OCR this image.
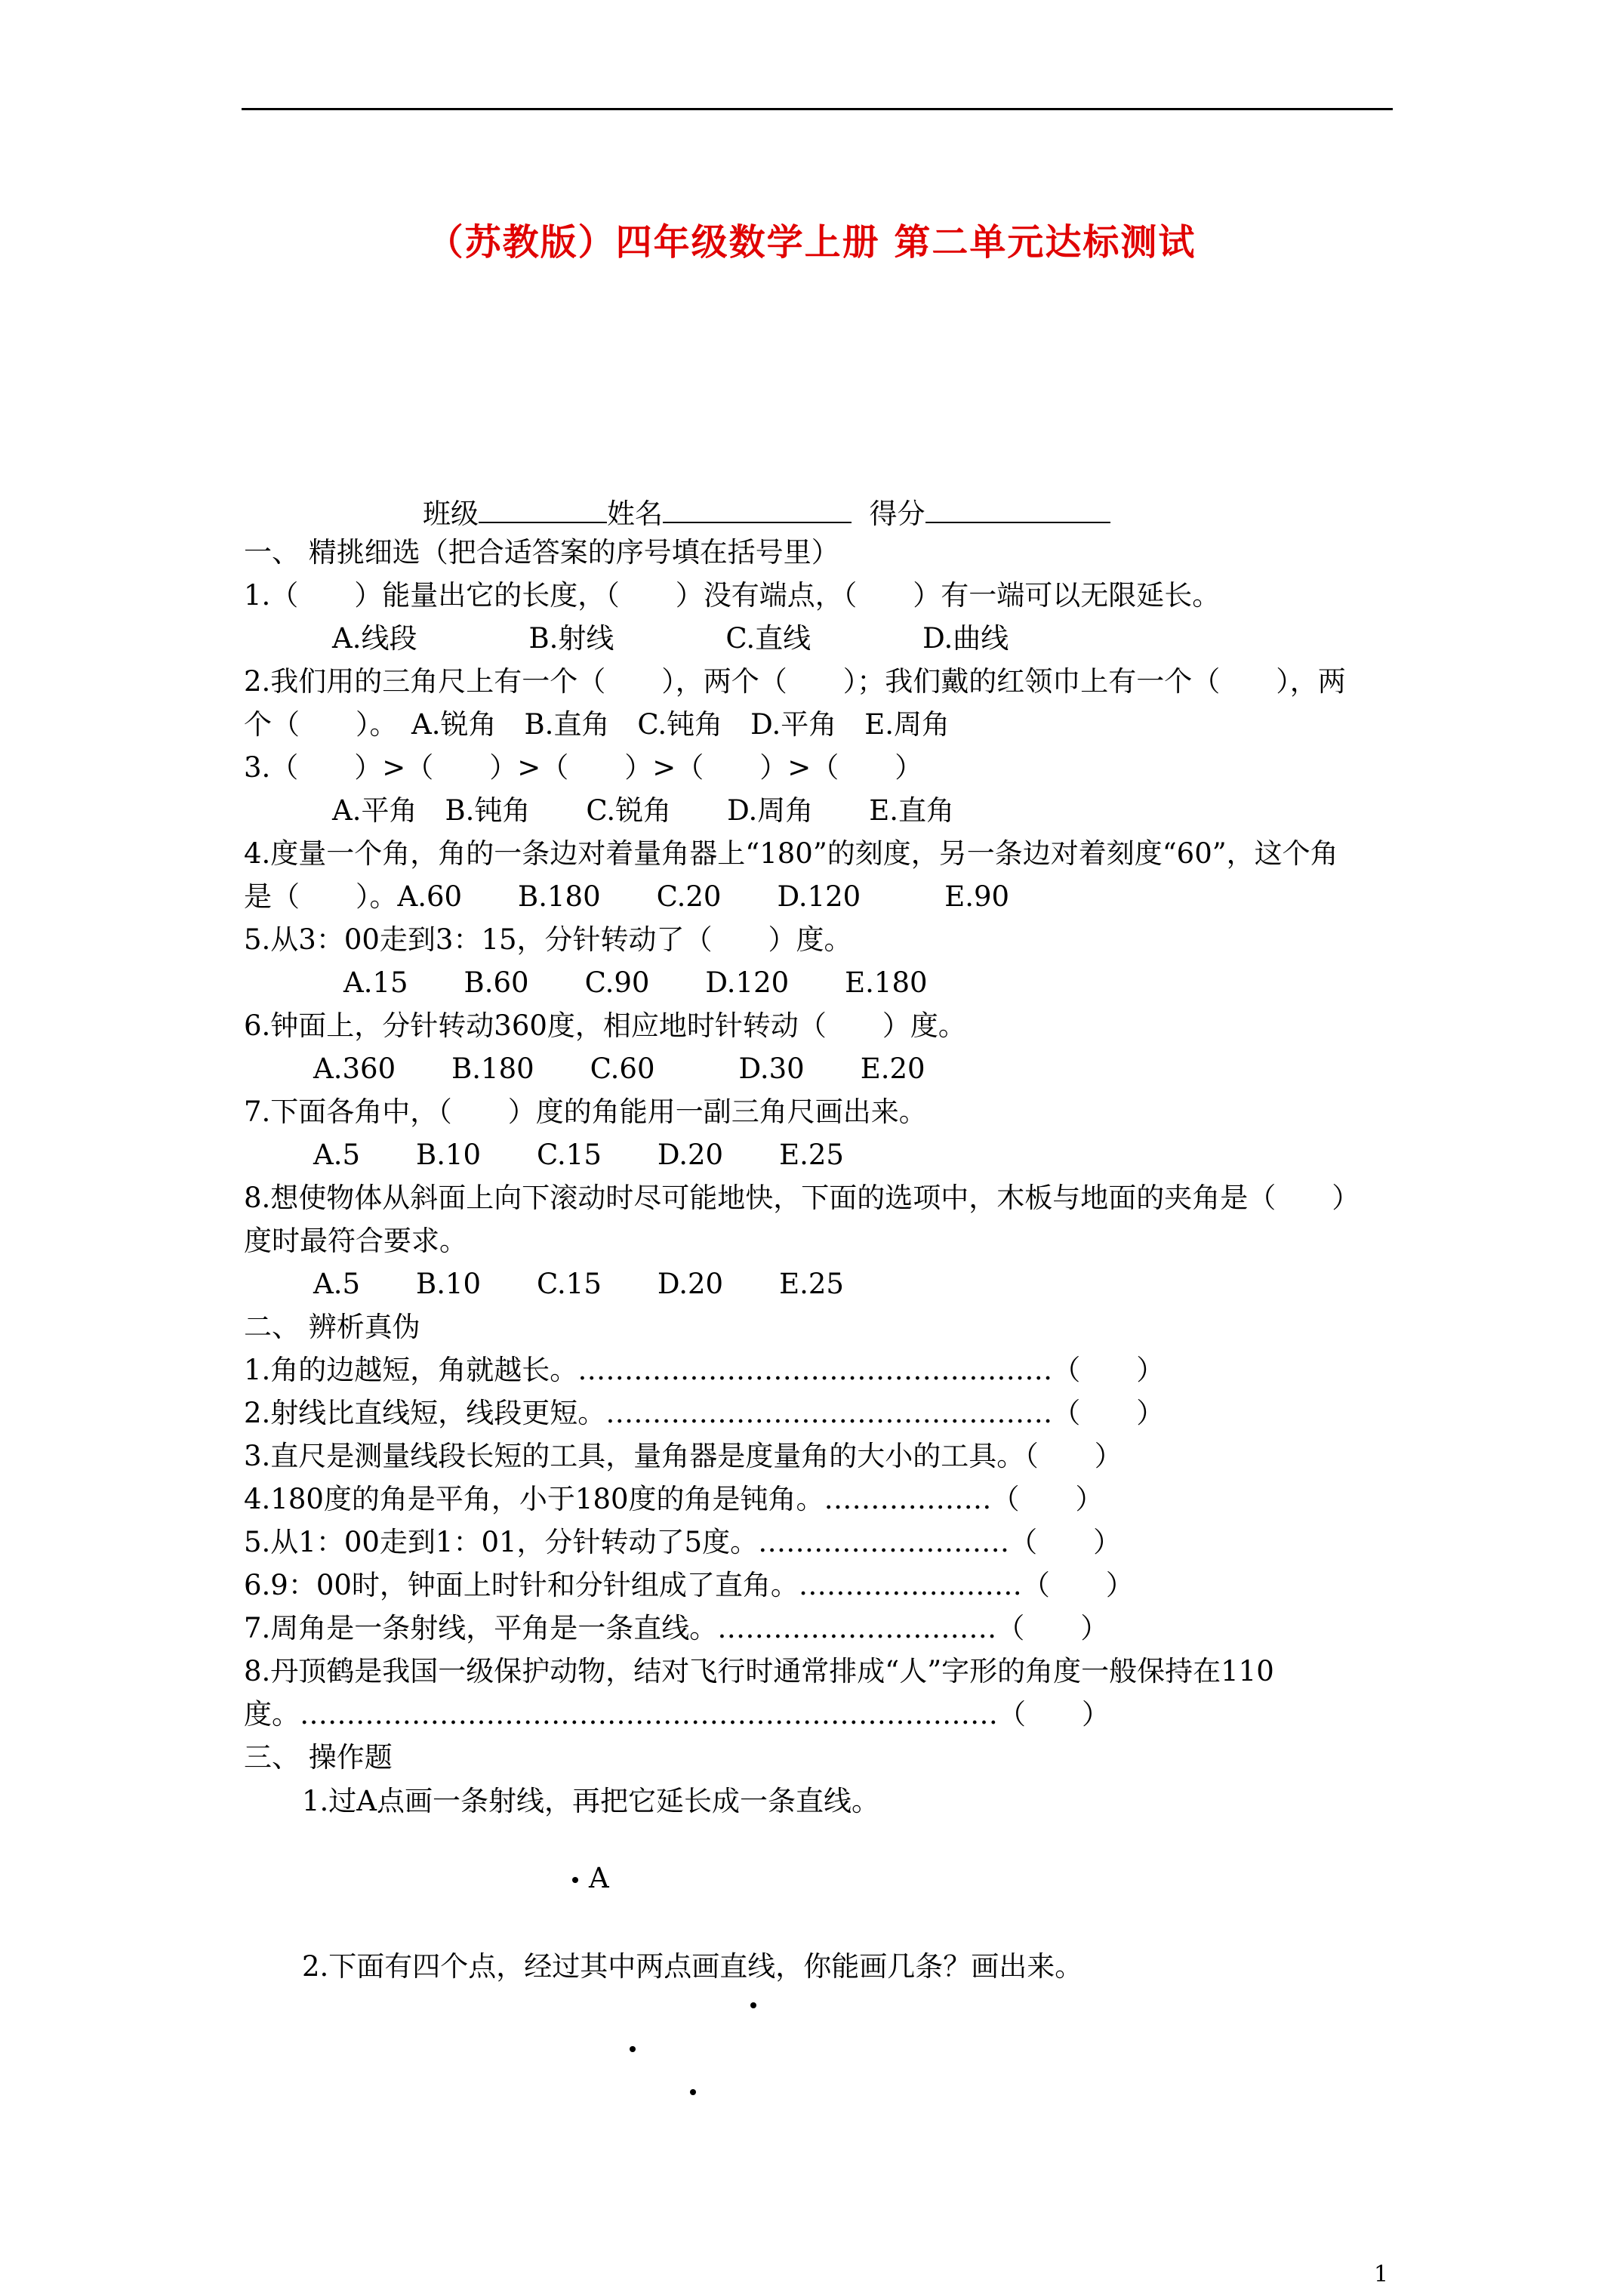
（苏教版）四年级数学上册 第二单元达标测试
班级	姓名	得分
一、 精挑细选（把合适答案的序号填在括号里）
1.（　　）能量出它的长度，（　　）没有端点，（　　）有一端可以无限延长。
A.线段　　　　B.射线　　　　C.直线　　　　D.曲线
2.我们用的三角尺上有一个（　　），两个（　　）；我们戴的红领巾上有一个（　　），两
个（　　）。　A.锐角　B.直角　C.钝角　D.平角　E.周角
3.（　　）>（　　）>（　　）>（　　）>（　　）
A.平角　B.钝角　　C.锐角　　D.周角　　E.直角
4.度量一个角，角的一条边对着量角器上“180”的刻度，另一条边对着刻度“60”，这个角
是（　　）。A.60　　B.180　　C.20　　D.120　　　E.90
5.从3：00走到3：15，分针转动了（　　）度。
A.15　　B.60　　C.90　　D.120　　E.180
6.钟面上，分针转动360度，相应地时针转动（　　）度。
A.360　　B.180　　C.60　　　D.30　　E.20
7.下面各角中，（　　）度的角能用一副三角尺画出来。
A.5　　B.10　　C.15　　D.20　　E.25
8.想使物体从斜面上向下滚动时尽可能地快，下面的选项中，木板与地面的夹角是（　　）
度时最符合要求。
A.5　　B.10　　C.15　　D.20　　E.25
二、 辨析真伪
1.角的边越短，角就越长。……………………………………………（　　）
2.射线比直线短，线段更短。…………………………………………（　　）
3.直尺是测量线段长短的工具，量角器是度量角的大小的工具。（　　）
4.180度的角是平角，小于180度的角是钝角。………………（　　）
5.从1：00走到1：01，分针转动了5度。………………………（　　）
6.9：00时，钟面上时针和分针组成了直角。……………………（　　）
7.周角是一条射线，平角是一条直线。…………………………（　　）
8.丹顶鹤是我国一级保护动物，结对飞行时通常排成“人”字形的角度一般保持在110
度。…………………………………………………………………（　　）
三、 操作题
1.过A点画一条射线，再把它延长成一条直线。
A
2.下面有四个点，经过其中两点画直线，你能画几条？画出来。
1
